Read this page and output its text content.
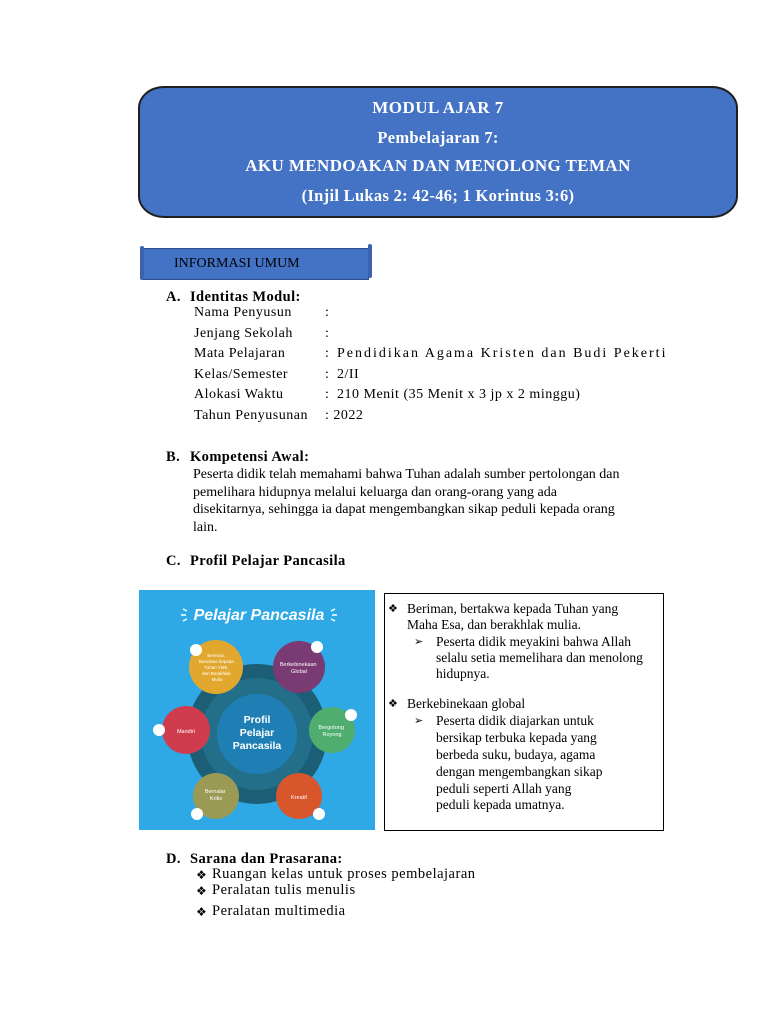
MODUL AJAR 7
Pembelajaran 7:
AKU MENDOAKAN DAN MENOLONG TEMAN
(Injil Lukas 2: 42-46; 1 Korintus 3:6)
INFORMASI UMUM
A. Identitas Modul:
Nama Penyusun :
Jenjang Sekolah :
Mata Pelajaran	: Pendidikan Agama Kristen dan Budi Pekerti
Kelas/Semester	: 2/II
Alokasi Waktu	: 210 Menit (35 Menit x 3 jp x 2 minggu)
Tahun Penyusunan : 2022
B. Kompetensi Awal:
Peserta didik telah memahami bahwa Tuhan adalah sumber pertolongan dan
pemelihara hidupnya melalui keluarga dan orang-orang yang ada
disekitarnya, sehingga ia dapat mengembangkan sikap peduli kepada orang
lain.
C. Profil Pelajar Pancasila
Pelajar Pancasila
Profil
Pelajar
Pancasila
Beriman, Bertakwa kepada Tuhan YME, dan Berakhlak Mulia
Berkebinekaan Global
Bergotong Royong
Kreatif
Bernalar Kritis
Mandiri
❖ Beriman, bertakwa kepada Tuhan yang
Maha Esa, dan berakhlak mulia.
➢ Peserta didik meyakini bahwa Allah
selalu setia memelihara dan menolong
hidupnya.
❖ Berkebinekaan global
➢ Peserta didik diajarkan untuk
bersikap terbuka kepada yang
berbeda suku, budaya, agama
dengan mengembangkan sikap
peduli seperti Allah yang
peduli kepada umatnya.
D. Sarana dan Prasarana:
❖ Ruangan kelas untuk proses pembelajaran
❖ Peralatan tulis menulis
❖ Peralatan multimedia
